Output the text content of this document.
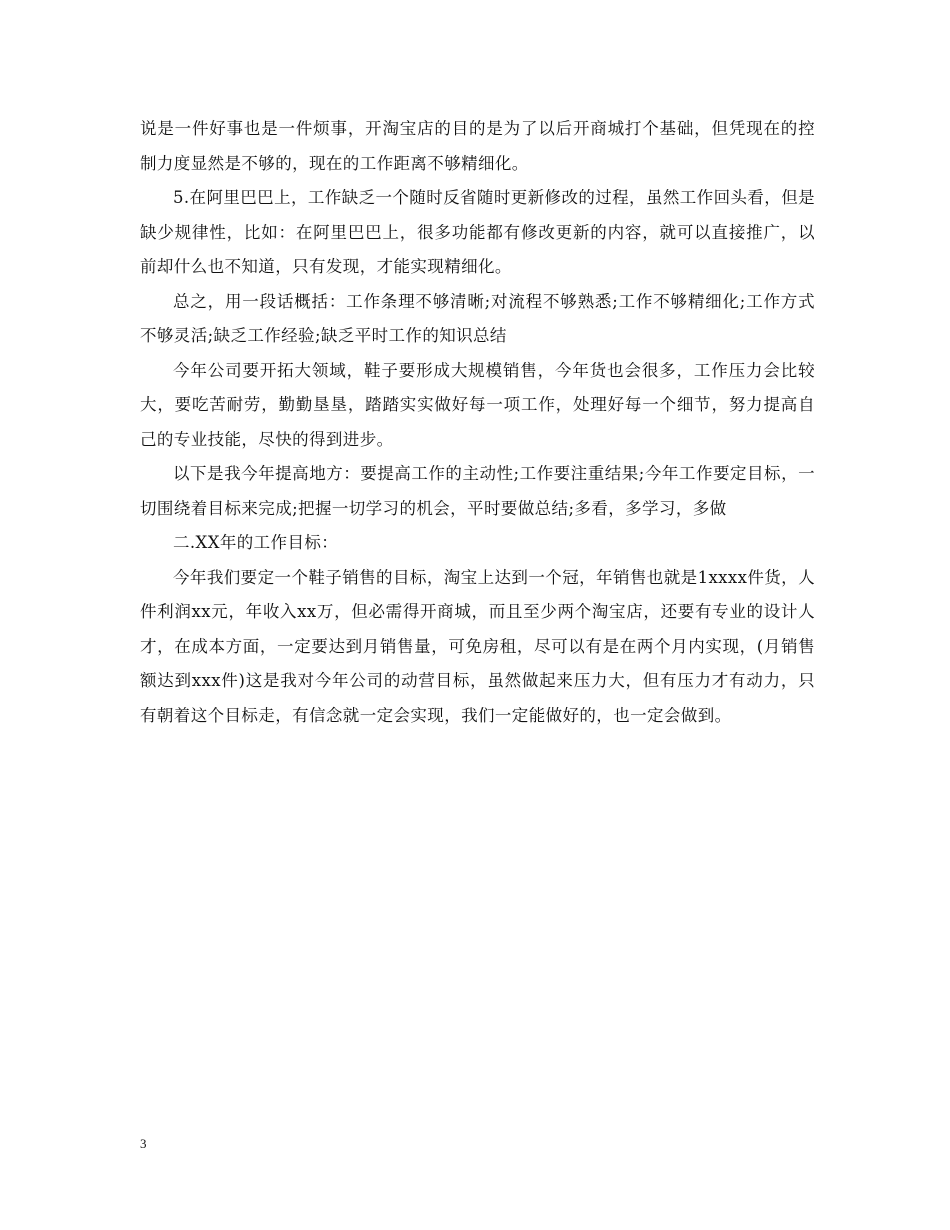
说是一件好事也是一件烦事，开淘宝店的目的是为了以后开商城打个基础，但凭现在的控制力度显然是不够的，现在的工作距离不够精细化。

5.在阿里巴巴上，工作缺乏一个随时反省随时更新修改的过程，虽然工作回头看，但是缺少规律性，比如：在阿里巴巴上，很多功能都有修改更新的内容，就可以直接推广，以前却什么也不知道，只有发现，才能实现精细化。

总之，用一段话概括：工作条理不够清晰;对流程不够熟悉;工作不够精细化;工作方式不够灵活;缺乏工作经验;缺乏平时工作的知识总结

今年公司要开拓大领域，鞋子要形成大规模销售，今年货也会很多，工作压力会比较大，要吃苦耐劳，勤勤垦垦，踏踏实实做好每一项工作，处理好每一个细节，努力提高自己的专业技能，尽快的得到进步。

以下是我今年提高地方：要提高工作的主动性;工作要注重结果;今年工作要定目标，一切围绕着目标来完成;把握一切学习的机会，平时要做总结;多看，多学习，多做

二.XX年的工作目标：

今年我们要定一个鞋子销售的目标，淘宝上达到一个冠，年销售也就是1xxxx件货，人件利润xx元，年收入xx万，但必需得开商城，而且至少两个淘宝店，还要有专业的设计人才，在成本方面，一定要达到月销售量，可免房租，尽可以有是在两个月内实现，(月销售额达到xxx件)这是我对今年公司的动营目标，虽然做起来压力大，但有压力才有动力，只有朝着这个目标走，有信念就一定会实现，我们一定能做好的，也一定会做到。

3
